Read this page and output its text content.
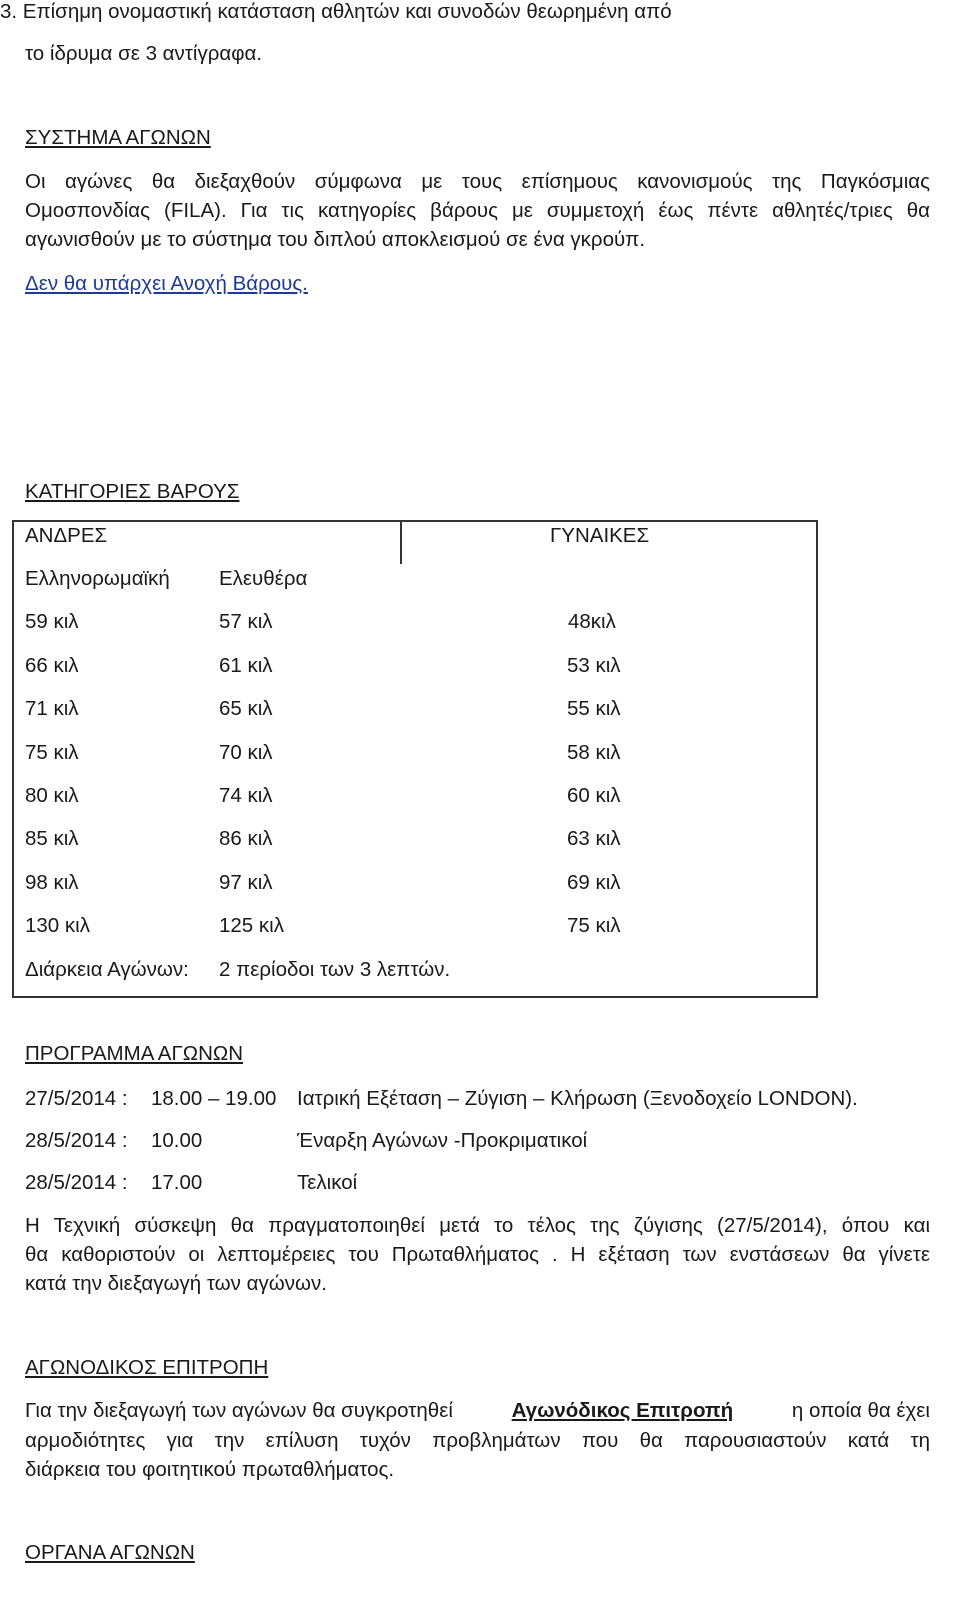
3. Επίσημη ονομαστική κατάσταση αθλητών και συνοδών θεωρημένη από
το ίδρυμα σε 3 αντίγραφα.
ΣΥΣΤΗΜΑ ΑΓΩΝΩΝ
Οι αγώνες θα διεξαχθούν σύμφωνα με τους επίσημους κανονισμούς της Παγκόσμιας
Ομοσπονδίας (FILA). Για τις κατηγορίες βάρους με συμμετοχή έως πέντε αθλητές/τριες θα
αγωνισθούν με το σύστημα του διπλού αποκλεισμού σε ένα γκρούπ.
Δεν θα υπάρχει Ανοχή Βάρους.
ΚΑΤΗΓΟΡΙΕΣ ΒΑΡΟΥΣ
ΑΝΔΡΕΣ	ΓΥΝΑΙΚΕΣ
Ελληνορωμαϊκή Ελευθέρα
59 κιλ	57 κιλ	48κιλ
66 κιλ	61 κιλ	53 κιλ
71 κιλ	65 κιλ	55 κιλ
75 κιλ	70 κιλ	58 κιλ
80 κιλ	74 κιλ	60 κιλ
85 κιλ	86 κιλ	63 κιλ
98 κιλ	97 κιλ	69 κιλ
130 κιλ	125 κιλ	75 κιλ
Διάρκεια Αγώνων: 2 περίοδοι των 3 λεπτών.
ΠΡΟΓΡΑΜΜΑ ΑΓΩΝΩΝ
27/5/2014 : 18.00 – 19.00 Ιατρική Εξέταση – Ζύγιση – Κλήρωση (Ξενοδοχείο LONDON).
28/5/2014 : 10.00	Έναρξη Αγώνων -Προκριματικοί
28/5/2014 : 17.00	Τελικοί
Η Τεχνική σύσκεψη θα πραγματοποιηθεί μετά το τέλος της ζύγισης (27/5/2014), όπου και
θα καθοριστούν οι λεπτομέρειες του Πρωταθλήματος . Η εξέταση των ενστάσεων θα γίνετε
κατά την διεξαγωγή των αγώνων.
ΑΓΩΝΟΔΙΚΟΣ ΕΠΙΤΡΟΠΗ
Για την διεξαγωγή των αγώνων θα συγκροτηθεί	Αγωνόδικος Επιτροπή	η οποία θα έχει
αρμοδιότητες για την επίλυση τυχόν προβλημάτων που θα παρουσιαστούν κατά τη
διάρκεια του φοιτητικού πρωταθλήματος.
ΟΡΓΑΝΑ ΑΓΩΝΩΝ
